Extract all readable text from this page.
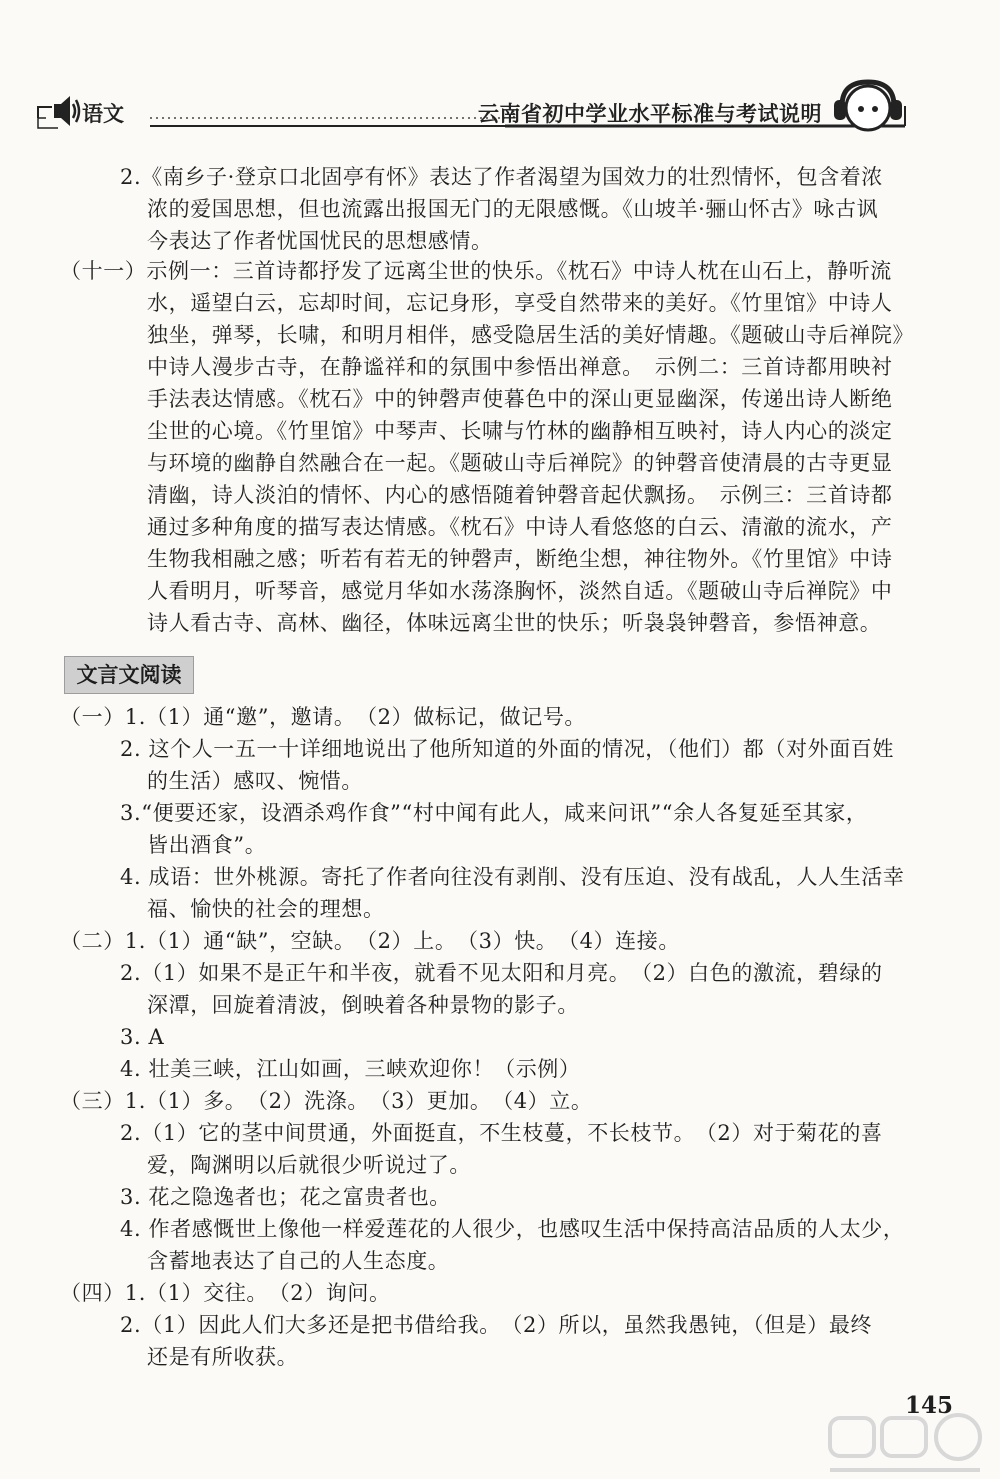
语文	云南省初中学业水平标准与考试说明
2.《南乡子·登京口北固亭有怀》表达了作者渴望为国效力的壮烈情怀，包含着浓
浓的爱国思想，但也流露出报国无门的无限感慨。《山坡羊·骊山怀古》咏古讽
今表达了作者忧国忧民的思想感情。
（十一）示例一：三首诗都抒发了远离尘世的快乐。《枕石》中诗人枕在山石上，静听流
水，遥望白云，忘却时间，忘记身形，享受自然带来的美好。《竹里馆》中诗人
独坐，弹琴，长啸，和明月相伴，感受隐居生活的美好情趣。《题破山寺后禅院》
中诗人漫步古寺，在静谧祥和的氛围中参悟出禅意。　示例二：三首诗都用映衬
手法表达情感。《枕石》中的钟磬声使暮色中的深山更显幽深，传递出诗人断绝
尘世的心境。《竹里馆》中琴声、长啸与竹林的幽静相互映衬，诗人内心的淡定
与环境的幽静自然融合在一起。《题破山寺后禅院》的钟磬音使清晨的古寺更显
清幽，诗人淡泊的情怀、内心的感悟随着钟磬音起伏飘扬。　示例三：三首诗都
通过多种角度的描写表达情感。《枕石》中诗人看悠悠的白云、清澈的流水，产
生物我相融之感；听若有若无的钟磬声，断绝尘想，神往物外。《竹里馆》中诗
人看明月，听琴音，感觉月华如水荡涤胸怀，淡然自适。《题破山寺后禅院》中
诗人看古寺、高林、幽径，体味远离尘世的快乐；听袅袅钟磬音，参悟神意。
文言文阅读
（一）1.（1）通“邀”，邀请。　（2）做标记，做记号。
2. 这个人一五一十详细地说出了他所知道的外面的情况，（他们）都（对外面百姓
的生活）感叹、惋惜。
3.“便要还家，设酒杀鸡作食”“村中闻有此人，咸来问讯”“余人各复延至其家，
皆出酒食”。
4. 成语：世外桃源。寄托了作者向往没有剥削、没有压迫、没有战乱，人人生活幸
福、愉快的社会的理想。
（二）1.（1）通“缺”，空缺。　（2）上。　（3）快。　（4）连接。
2.（1）如果不是正午和半夜，就看不见太阳和月亮。　（2）白色的激流，碧绿的
深潭，回旋着清波，倒映着各种景物的影子。
3. A
4. 壮美三峡，江山如画，三峡欢迎你！（示例）
（三）1.（1）多。　（2）洗涤。　（3）更加。　（4）立。
2.（1）它的茎中间贯通，外面挺直，不生枝蔓，不长枝节。　（2）对于菊花的喜
爱，陶渊明以后就很少听说过了。
3. 花之隐逸者也；花之富贵者也。
4. 作者感慨世上像他一样爱莲花的人很少，也感叹生活中保持高洁品质的人太少，
含蓄地表达了自己的人生态度。
（四）1.（1）交往。　（2）询问。
2.（1）因此人们大多还是把书借给我。　（2）所以，虽然我愚钝，（但是）最终
还是有所收获。
145
